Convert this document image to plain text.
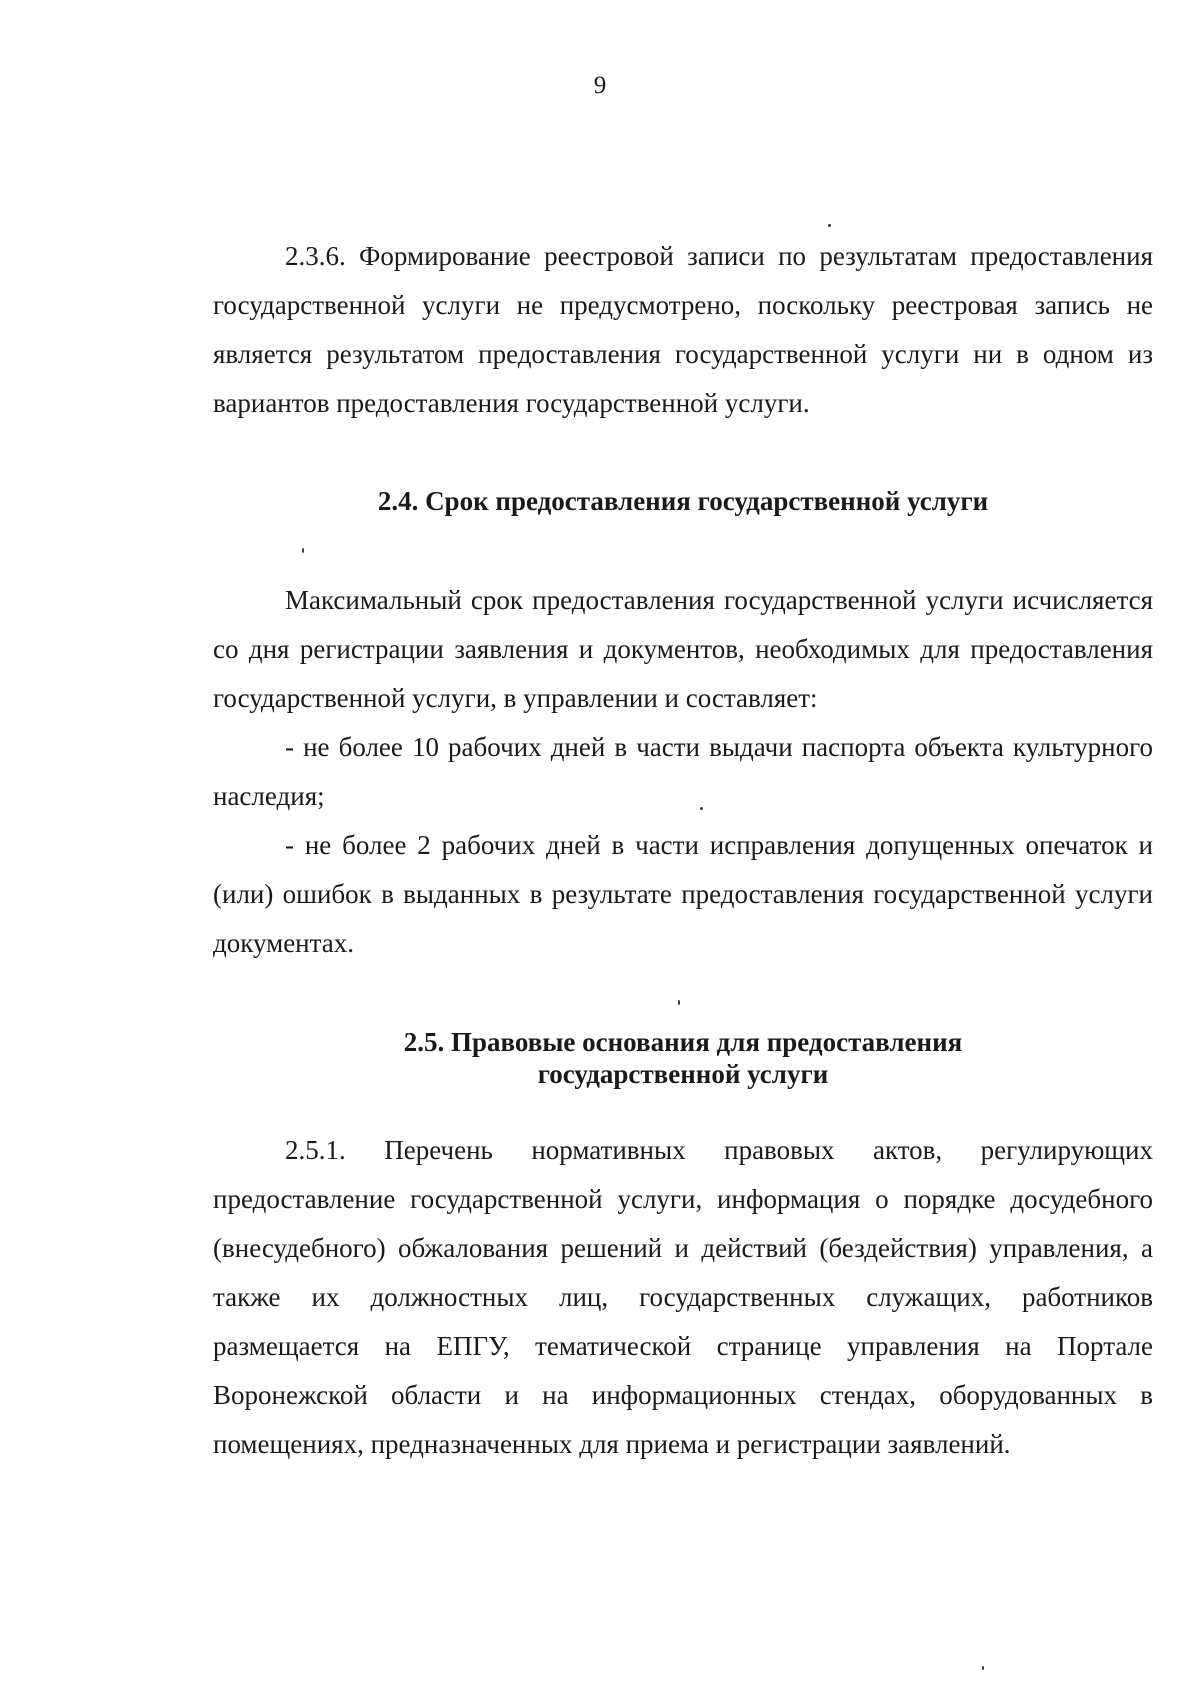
9

2.3.6. Формирование реестровой записи по результатам предоставления государственной услуги не предусмотрено, поскольку реестровая запись не является результатом предоставления государственной услуги ни в одном из вариантов предоставления государственной услуги.

2.4. Срок предоставления государственной услуги

Максимальный срок предоставления государственной услуги исчисляется со дня регистрации заявления и документов, необходимых для предоставления государственной услуги, в управлении и составляет:

- не более 10 рабочих дней в части выдачи паспорта объекта культурного наследия;

- не более 2 рабочих дней в части исправления допущенных опечаток и (или) ошибок в выданных в результате предоставления государственной услуги документах.

2.5. Правовые основания для предоставления
государственной услуги

2.5.1. Перечень нормативных правовых актов, регулирующих предоставление государственной услуги, информация о порядке досудебного (внесудебного) обжалования решений и действий (бездействия) управления, а также их должностных лиц, государственных служащих, работников размещается на ЕПГУ, тематической странице управления на Портале Воронежской области и на информационных стендах, оборудованных в помещениях, предназначенных для приема и регистрации заявлений.
